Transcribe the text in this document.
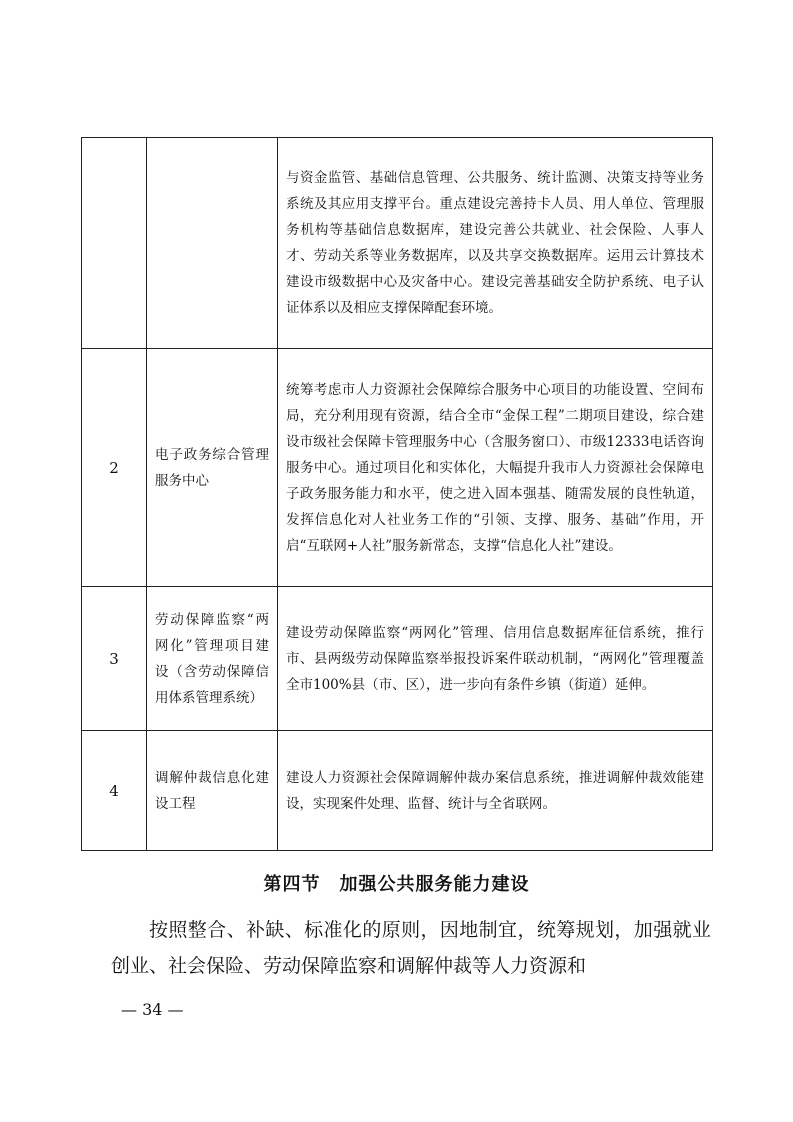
		与资金监管、基础信息管理、公共服务、统计监测、决策支持等业务系统及其应用支撑平台。重点建设完善持卡人员、用人单位、管理服务机构等基础信息数据库，建设完善公共就业、社会保险、人事人才、劳动关系等业务数据库，以及共享交换数据库。运用云计算技术建设市级数据中心及灾备中心。建设完善基础安全防护系统、电子认证体系以及相应支撑保障配套环境。
2	电子政务综合管理服务中心	统筹考虑市人力资源社会保障综合服务中心项目的功能设置、空间布局，充分利用现有资源，结合全市“金保工程”二期项目建设，综合建设市级社会保障卡管理服务中心（含服务窗口）、市级12333电话咨询服务中心。通过项目化和实体化，大幅提升我市人力资源社会保障电子政务服务能力和水平，使之进入固本强基、随需发展的良性轨道，发挥信息化对人社业务工作的“引领、支撑、服务、基础”作用，开启“互联网+人社”服务新常态，支撑“信息化人社”建设。
3	劳动保障监察“两网化”管理项目建设（含劳动保障信用体系管理系统）	建设劳动保障监察“两网化”管理、信用信息数据库征信系统，推行市、县两级劳动保障监察举报投诉案件联动机制，“两网化”管理覆盖全市100%县（市、区），进一步向有条件乡镇（街道）延伸。
4	调解仲裁信息化建设工程	建设人力资源社会保障调解仲裁办案信息系统，推进调解仲裁效能建设，实现案件处理、监督、统计与全省联网。
第四节　加强公共服务能力建设
按照整合、补缺、标准化的原则，因地制宜，统筹规划，加强就业创业、社会保险、劳动保障监察和调解仲裁等人力资源和
— 34 —
